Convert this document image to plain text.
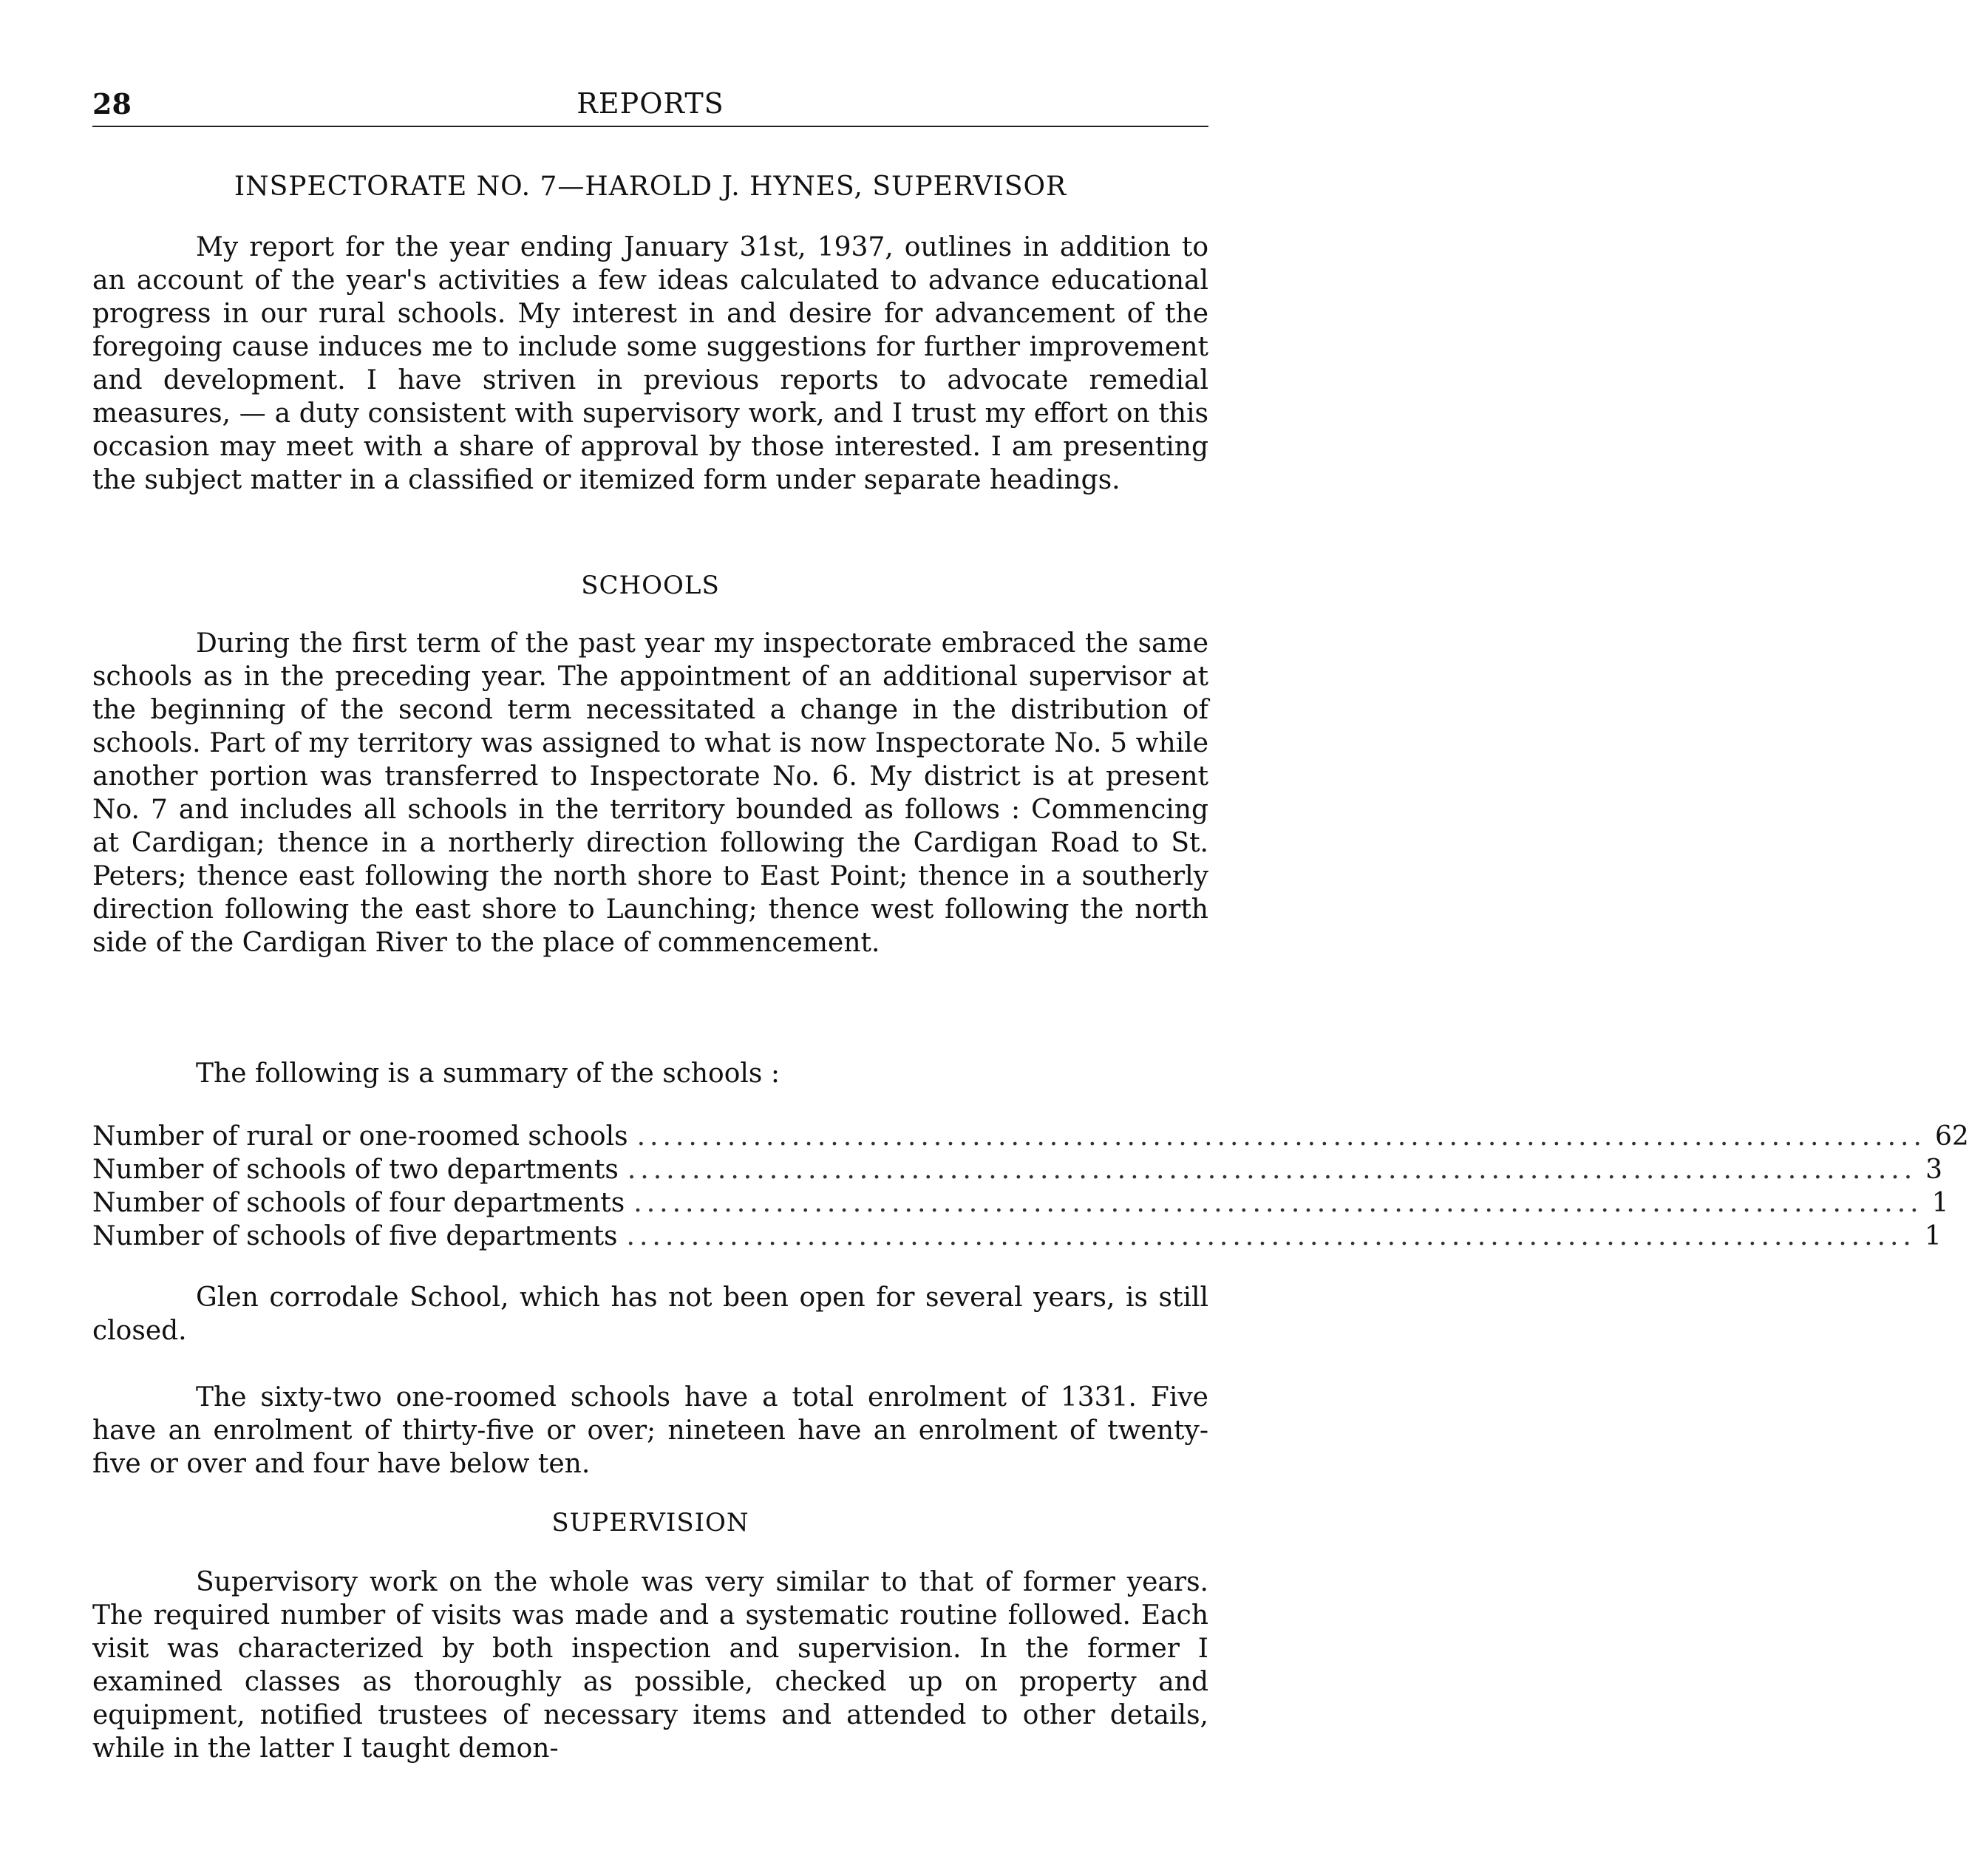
28	REPORTS
INSPECTORATE NO. 7—HAROLD J. HYNES, SUPERVISOR

My report for the year ending January 31st, 1937, outlines in addition to an account of the year's activities a few ideas calculated to advance educational progress in our rural schools. My interest in and desire for advancement of the foregoing cause induces me to include some suggestions for further improvement and development. I have striven in previous reports to advocate remedial measures, — a duty consistent with supervisory work, and I trust my effort on this occasion may meet with a share of approval by those interested. I am presenting the subject matter in a classified or itemized form under separate headings.

SCHOOLS

During the first term of the past year my inspectorate embraced the same schools as in the preceding year. The appointment of an additional supervisor at the beginning of the second term necessitated a change in the distribution of schools. Part of my territory was assigned to what is now Inspectorate No. 5 while another portion was transferred to Inspectorate No. 6. My district is at present No. 7 and includes all schools in the territory bounded as follows : Commencing at Cardigan; thence in a northerly direction following the Cardigan Road to St. Peters; thence east following the north shore to East Point; thence in a southerly direction following the east shore to Launching; thence west following the north side of the Cardigan River to the place of commencement.

The following is a summary of the schools :

Number of rural or one-roomed schools .................................................................................................... 62
Number of schools of two departments .................................................................................................... 3
Number of schools of four departments .................................................................................................... 1
Number of schools of five departments .................................................................................................... 1

Glen corrodale School, which has not been open for several years, is still closed.

The sixty-two one-roomed schools have a total enrolment of 1331. Five have an enrolment of thirty-five or over; nineteen have an enrolment of twenty-five or over and four have below ten.

SUPERVISION

Supervisory work on the whole was very similar to that of former years. The required number of visits was made and a systematic routine followed. Each visit was characterized by both inspection and supervision. In the former I examined classes as thoroughly as possible, checked up on property and equipment, notified trustees of necessary items and attended to other details, while in the latter I taught demon-
